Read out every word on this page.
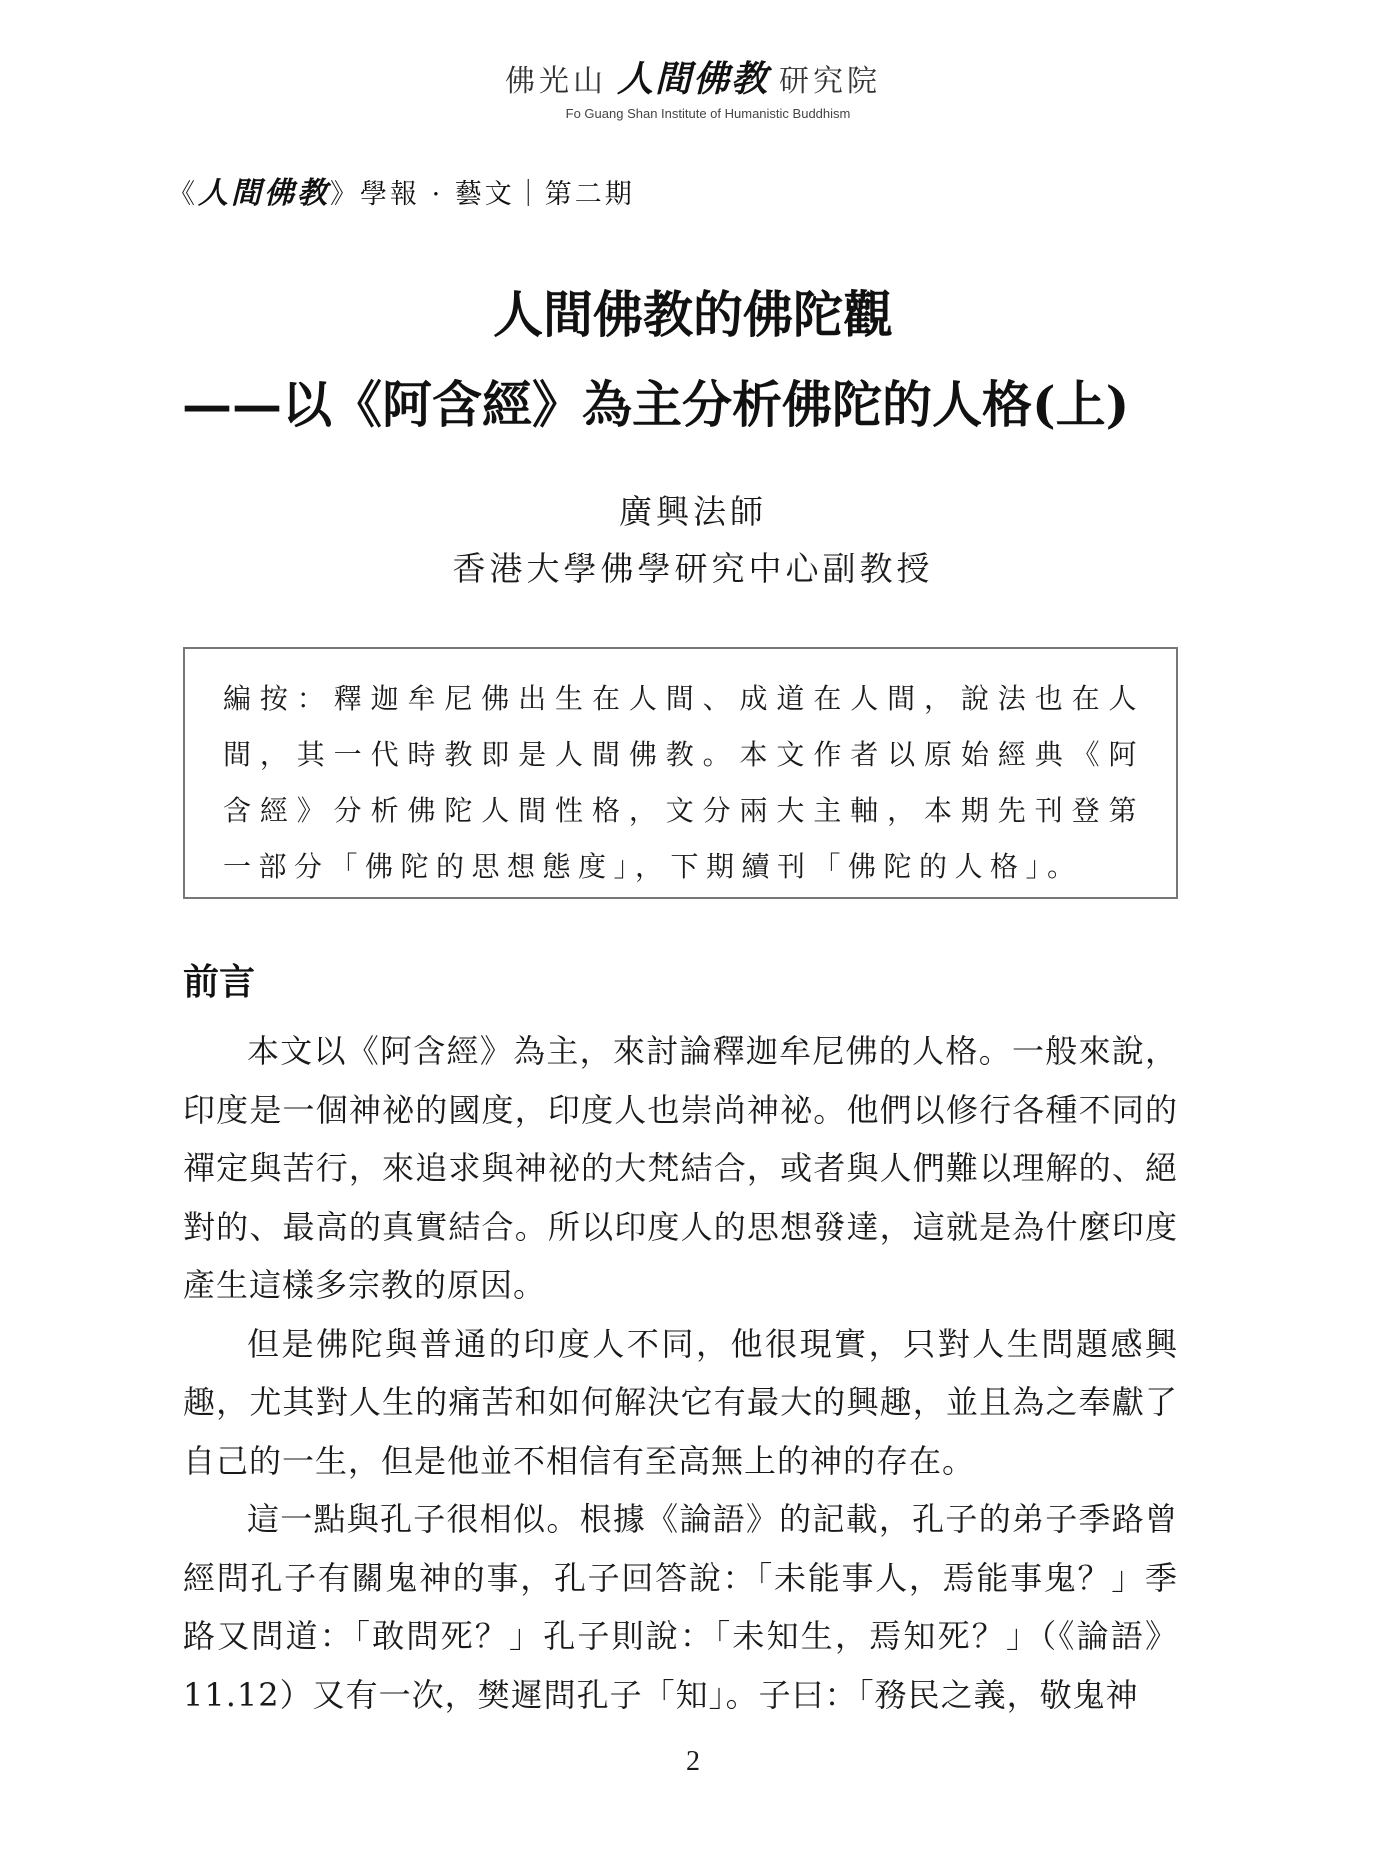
佛光山 人間佛教 研究院
Fo Guang Shan Institute of Humanistic Buddhism
《人間佛教》學報 · 藝文｜第二期
人間佛教的佛陀觀
——以《阿含經》為主分析佛陀的人格(上)
廣興法師
香港大學佛學研究中心副教授

編按：釋迦牟尼佛出生在人間、成道在人間，說法也在人間，其一代時教即是人間佛教。本文作者以原始經典《阿含經》分析佛陀人間性格，文分兩大主軸，本期先刊登第一部分「佛陀的思想態度」，下期續刊「佛陀的人格」。

前言

本文以《阿含經》為主，來討論釋迦牟尼佛的人格。一般來說，印度是一個神祕的國度，印度人也崇尚神祕。他們以修行各種不同的禪定與苦行，來追求與神祕的大梵結合，或者與人們難以理解的、絕對的、最高的真實結合。所以印度人的思想發達，這就是為什麼印度產生這樣多宗教的原因。

但是佛陀與普通的印度人不同，他很現實，只對人生問題感興趣，尤其對人生的痛苦和如何解決它有最大的興趣，並且為之奉獻了自己的一生，但是他並不相信有至高無上的神的存在。

這一點與孔子很相似。根據《論語》的記載，孔子的弟子季路曾經問孔子有關鬼神的事，孔子回答說：「未能事人，焉能事鬼？」季路又問道：「敢問死？」孔子則說：「未知生，焉知死？」（《論語》11.12）又有一次，樊遲問孔子「知」。子曰：「務民之義，敬鬼神

2
